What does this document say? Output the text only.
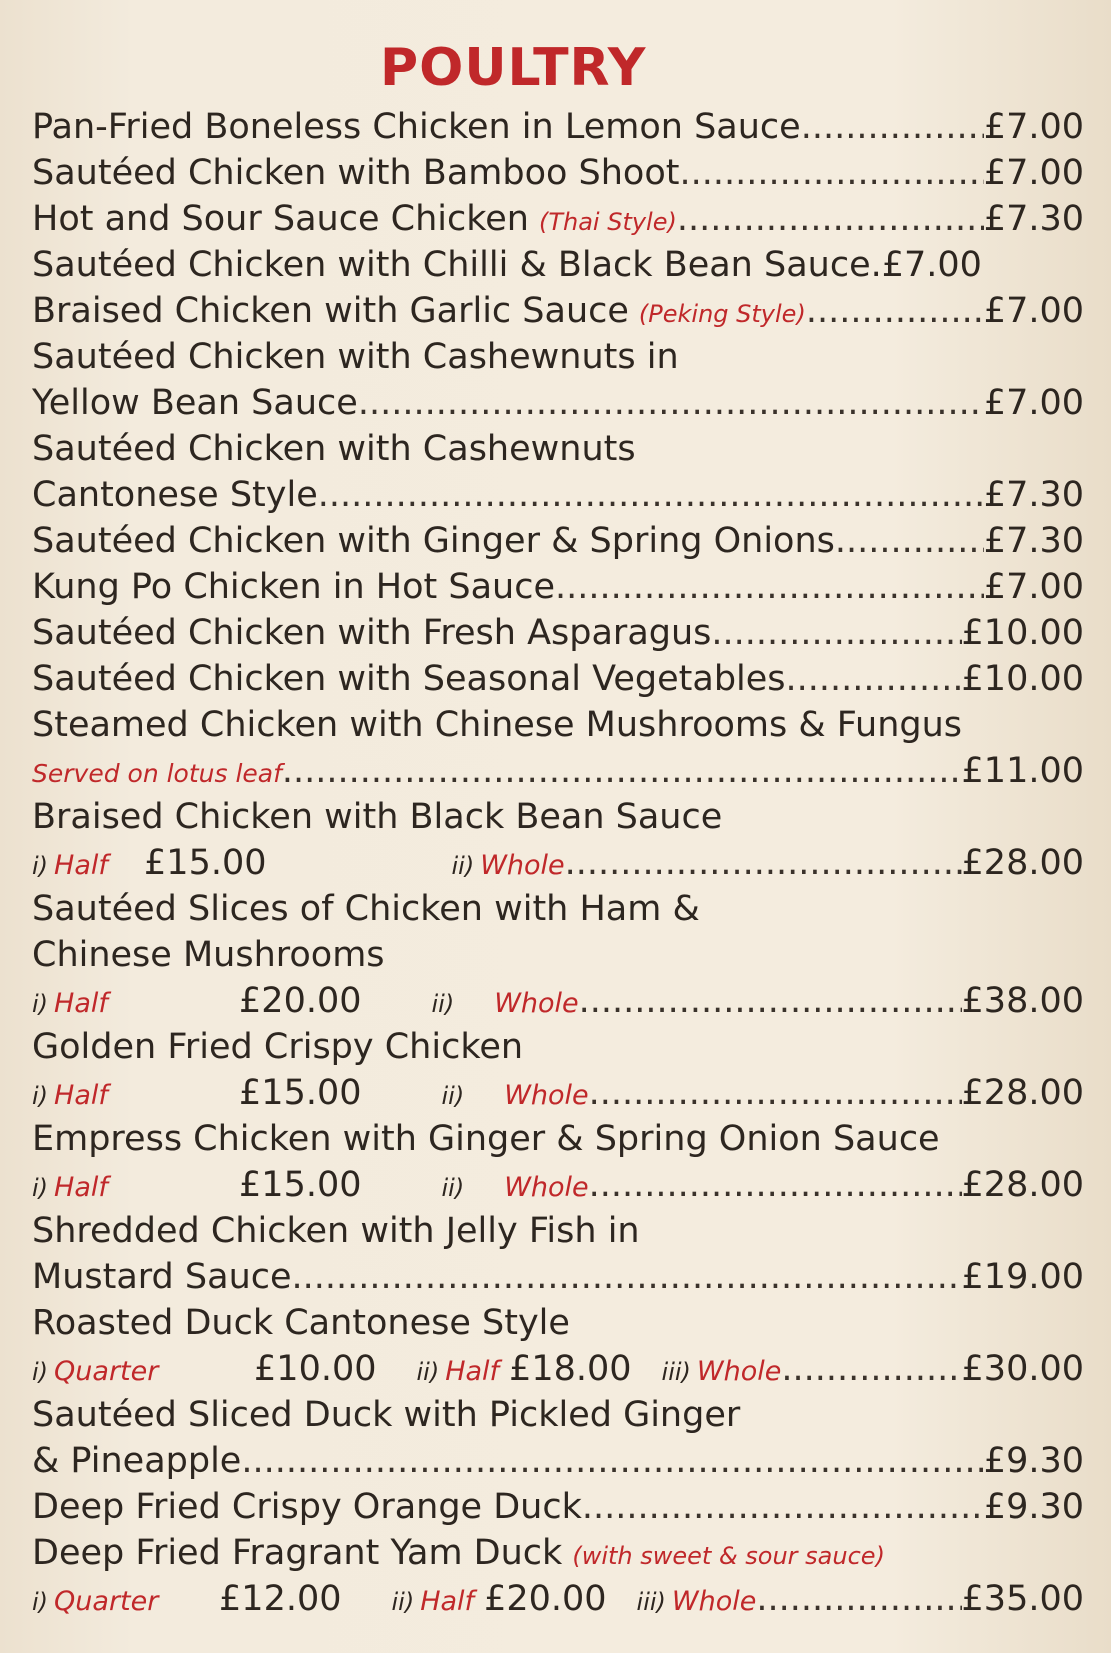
POULTRY
Pan-Fried Boneless Chicken in Lemon Sauce .....	£7.00
Sautéed Chicken with Bamboo Shoot .....	£7.00
Hot and Sour Sauce Chicken (Thai Style) .....	£7.30
Sautéed Chicken with Chilli & Black Bean Sauce. £7.00
Braised Chicken with Garlic Sauce (Peking Style) .....	£7.00
Sautéed Chicken with Cashewnuts in
Yellow Bean Sauce .....	£7.00
Sautéed Chicken with Cashewnuts
Cantonese Style .....	£7.30
Sautéed Chicken with Ginger & Spring Onions .....	£7.30
Kung Po Chicken in Hot Sauce .....	£7.00
Sautéed Chicken with Fresh Asparagus .....	£10.00
Sautéed Chicken with Seasonal Vegetables .....	£10.00
Steamed Chicken with Chinese Mushrooms & Fungus
Served on lotus leaf .....	£11.00
Braised Chicken with Black Bean Sauce
i) Half	£15.00	ii) Whole .....	£28.00
Sautéed Slices of Chicken with Ham &
Chinese Mushrooms
i) Half	£20.00	ii) Whole .....	£38.00
Golden Fried Crispy Chicken
i) Half	£15.00	ii) Whole .....	£28.00
Empress Chicken with Ginger & Spring Onion Sauce
i) Half	£15.00	ii) Whole .....	£28.00
Shredded Chicken with Jelly Fish in
Mustard Sauce .....	£19.00
Roasted Duck Cantonese Style
i) Quarter	£10.00 ii) Half £18.00 iii) Whole .....	£30.00
Sautéed Sliced Duck with Pickled Ginger
& Pineapple .....	£9.30
Deep Fried Crispy Orange Duck .....	£9.30
Deep Fried Fragrant Yam Duck (with sweet & sour sauce)
i) Quarter	£12.00 ii) Half £20.00 iii) Whole .....	£35.00
